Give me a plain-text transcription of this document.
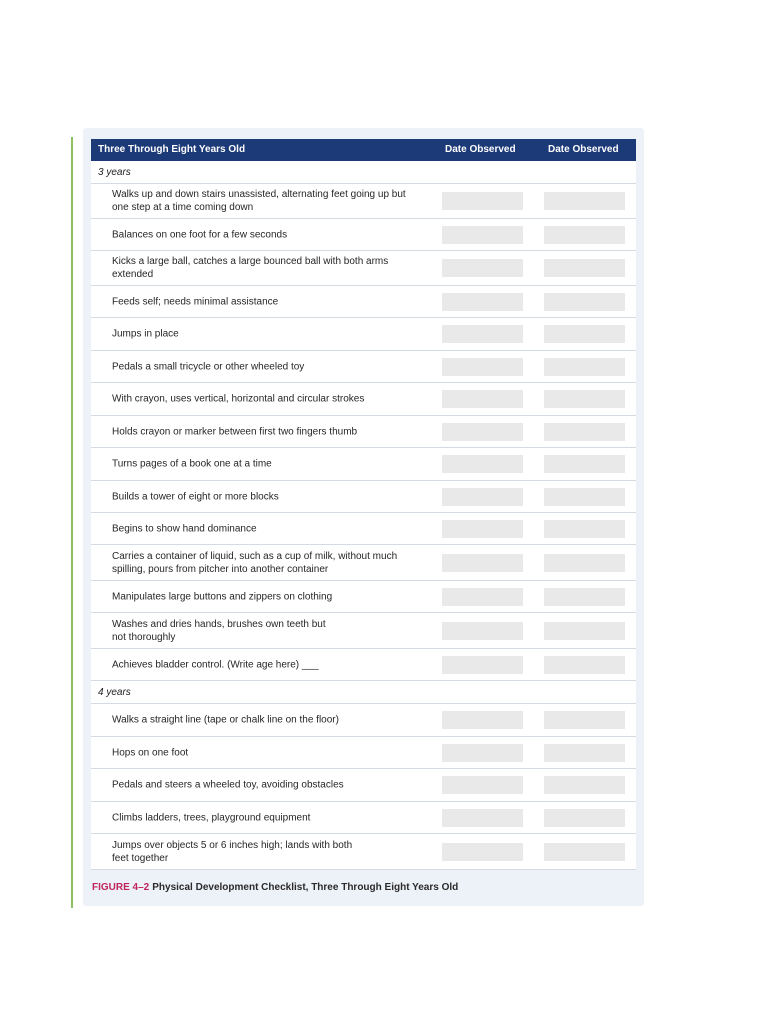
Three Through Eight Years Old	Date Observed	Date Observed
3 years
Walks up and down stairs unassisted, alternating feet going up but
one step at a time coming down
Balances on one foot for a few seconds
Kicks a large ball, catches a large bounced ball with both arms
extended
Feeds self; needs minimal assistance
Jumps in place
Pedals a small tricycle or other wheeled toy
With crayon, uses vertical, horizontal and circular strokes
Holds crayon or marker between first two fingers thumb
Turns pages of a book one at a time
Builds a tower of eight or more blocks
Begins to show hand dominance
Carries a container of liquid, such as a cup of milk, without much
spilling, pours from pitcher into another container
Manipulates large buttons and zippers on clothing
Washes and dries hands, brushes own teeth but
not thoroughly
Achieves bladder control. (Write age here) ___
4 years
Walks a straight line (tape or chalk line on the floor)
Hops on one foot
Pedals and steers a wheeled toy, avoiding obstacles
Climbs ladders, trees, playground equipment
Jumps over objects 5 or 6 inches high; lands with both
feet together
FIGURE 4–2 Physical Development Checklist, Three Through Eight Years Old
